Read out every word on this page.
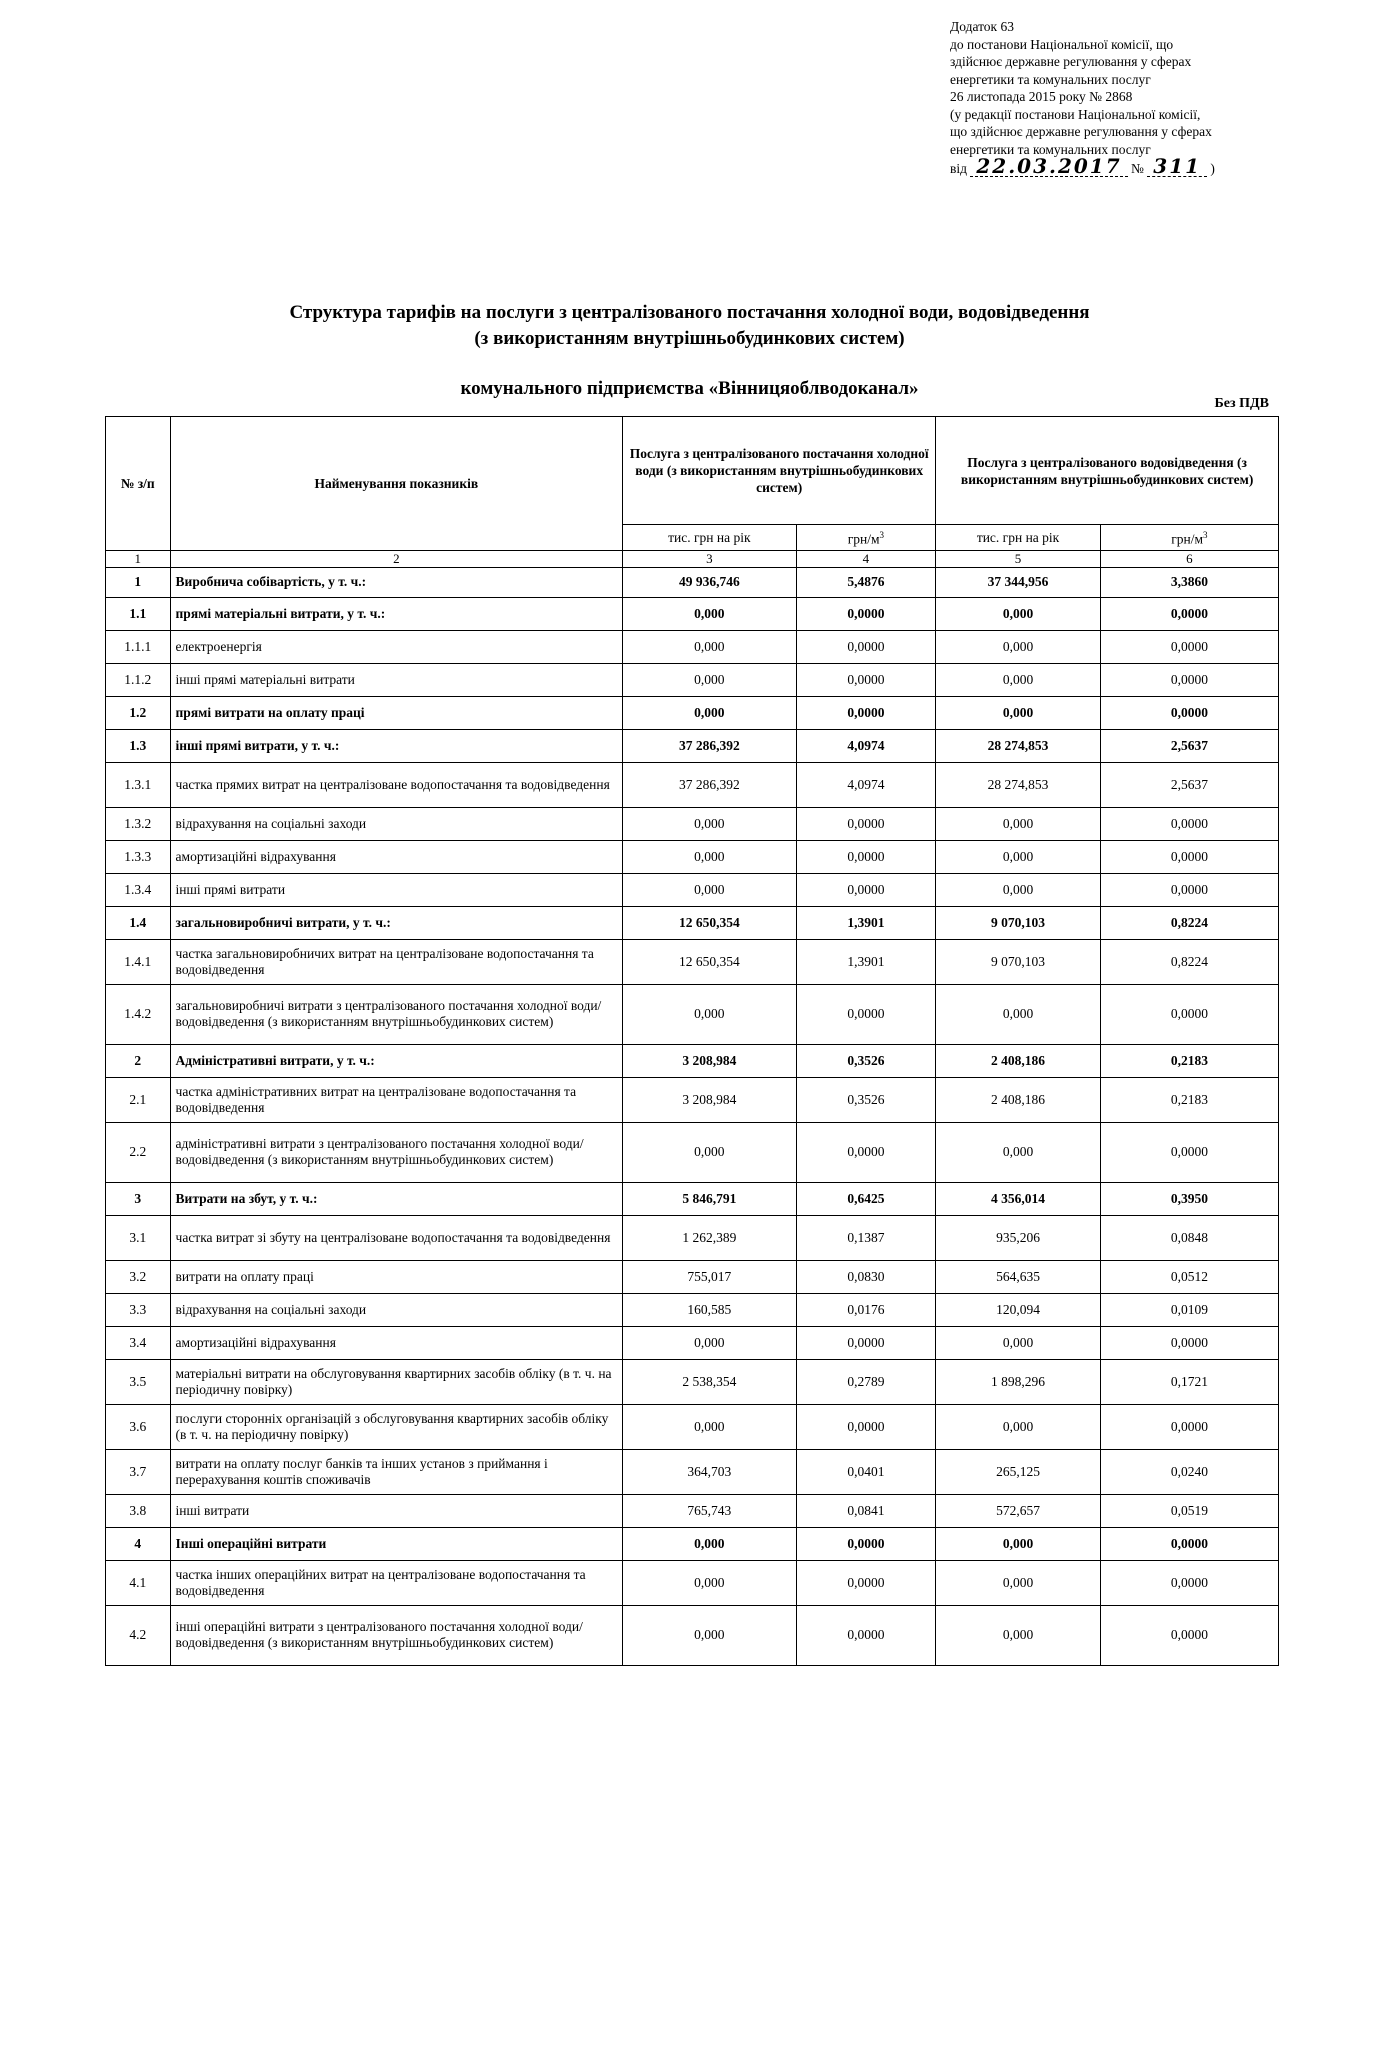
Додаток 63
до постанови Національної комісії, що
здійснює державне регулювання у сферах
енергетики та комунальних послуг
26 листопада 2015 року № 2868
(у редакції постанови Національної комісії,
що здійснює державне регулювання у сферах
енергетики та комунальних послуг
від 22.03.2017 № 311 )
Структура тарифів на послуги з централізованого постачання холодної води, водовідведення
(з використанням внутрішньобудинкових систем)
комунального підприємства «Вінницяоблводоканал»
Без ПДВ
№ з/п	Найменування показників	Послуга з централізованого постачання холодної води (з використанням внутрішньобудинкових систем)		Послуга з централізованого водовідведення (з використанням внутрішньобудинкових систем)	
		тис. грн на рік	грн/$м^3$	тис. грн на рік	грн/$м^3$
1	2	3	4	5	6
1	Виробнича собівартість, у т. ч.:	49 936,746	5,4876	37 344,956	3,3860
1.1	прямі матеріальні витрати, у т. ч.:	0,000	0,0000	0,000	0,0000
1.1.1	електроенергія	0,000	0,0000	0,000	0,0000
1.1.2	інші прямі матеріальні витрати	0,000	0,0000	0,000	0,0000
1.2	прямі витрати на оплату праці	0,000	0,0000	0,000	0,0000
1.3	інші прямі витрати, у т. ч.:	37 286,392	4,0974	28 274,853	2,5637
1.3.1	частка прямих витрат на централізоване водопостачання та водовідведення	37 286,392	4,0974	28 274,853	2,5637
1.3.2	відрахування на соціальні заходи	0,000	0,0000	0,000	0,0000
1.3.3	амортизаційні відрахування	0,000	0,0000	0,000	0,0000
1.3.4	інші прямі витрати	0,000	0,0000	0,000	0,0000
1.4	загальновиробничі витрати, у т. ч.:	12 650,354	1,3901	9 070,103	0,8224
1.4.1	частка загальновиробничих витрат на централізоване водопостачання та водовідведення	12 650,354	1,3901	9 070,103	0,8224
1.4.2	загальновиробничі витрати з централізованого постачання холодної води/водовідведення (з використанням внутрішньобудинкових систем)	0,000	0,0000	0,000	0,0000
2	Адміністративні витрати, у т. ч.:	3 208,984	0,3526	2 408,186	0,2183
2.1	частка адміністративних витрат на централізоване водопостачання та водовідведення	3 208,984	0,3526	2 408,186	0,2183
2.2	адміністративні витрати з централізованого постачання холодної води/водовідведення (з використанням внутрішньобудинкових систем)	0,000	0,0000	0,000	0,0000
3	Витрати на збут, у т. ч.:	5 846,791	0,6425	4 356,014	0,3950
3.1	частка витрат зі збуту на централізоване водопостачання та водовідведення	1 262,389	0,1387	935,206	0,0848
3.2	витрати на оплату праці	755,017	0,0830	564,635	0,0512
3.3	відрахування на соціальні заходи	160,585	0,0176	120,094	0,0109
3.4	амортизаційні відрахування	0,000	0,0000	0,000	0,0000
3.5	матеріальні витрати на обслуговування квартирних засобів обліку (в т. ч. на періодичну повірку)	2 538,354	0,2789	1 898,296	0,1721
3.6	послуги сторонніх організацій з обслуговування квартирних засобів обліку (в т. ч. на періодичну повірку)	0,000	0,0000	0,000	0,0000
3.7	витрати на оплату послуг банків та інших установ з приймання і перерахування коштів споживачів	364,703	0,0401	265,125	0,0240
3.8	інші витрати	765,743	0,0841	572,657	0,0519
4	Інші операційні витрати	0,000	0,0000	0,000	0,0000
4.1	частка інших операційних витрат на централізоване водопостачання та водовідведення	0,000	0,0000	0,000	0,0000
4.2	інші операційні витрати з централізованого постачання холодної води/водовідведення (з використанням внутрішньобудинкових систем)	0,000	0,0000	0,000	0,0000
